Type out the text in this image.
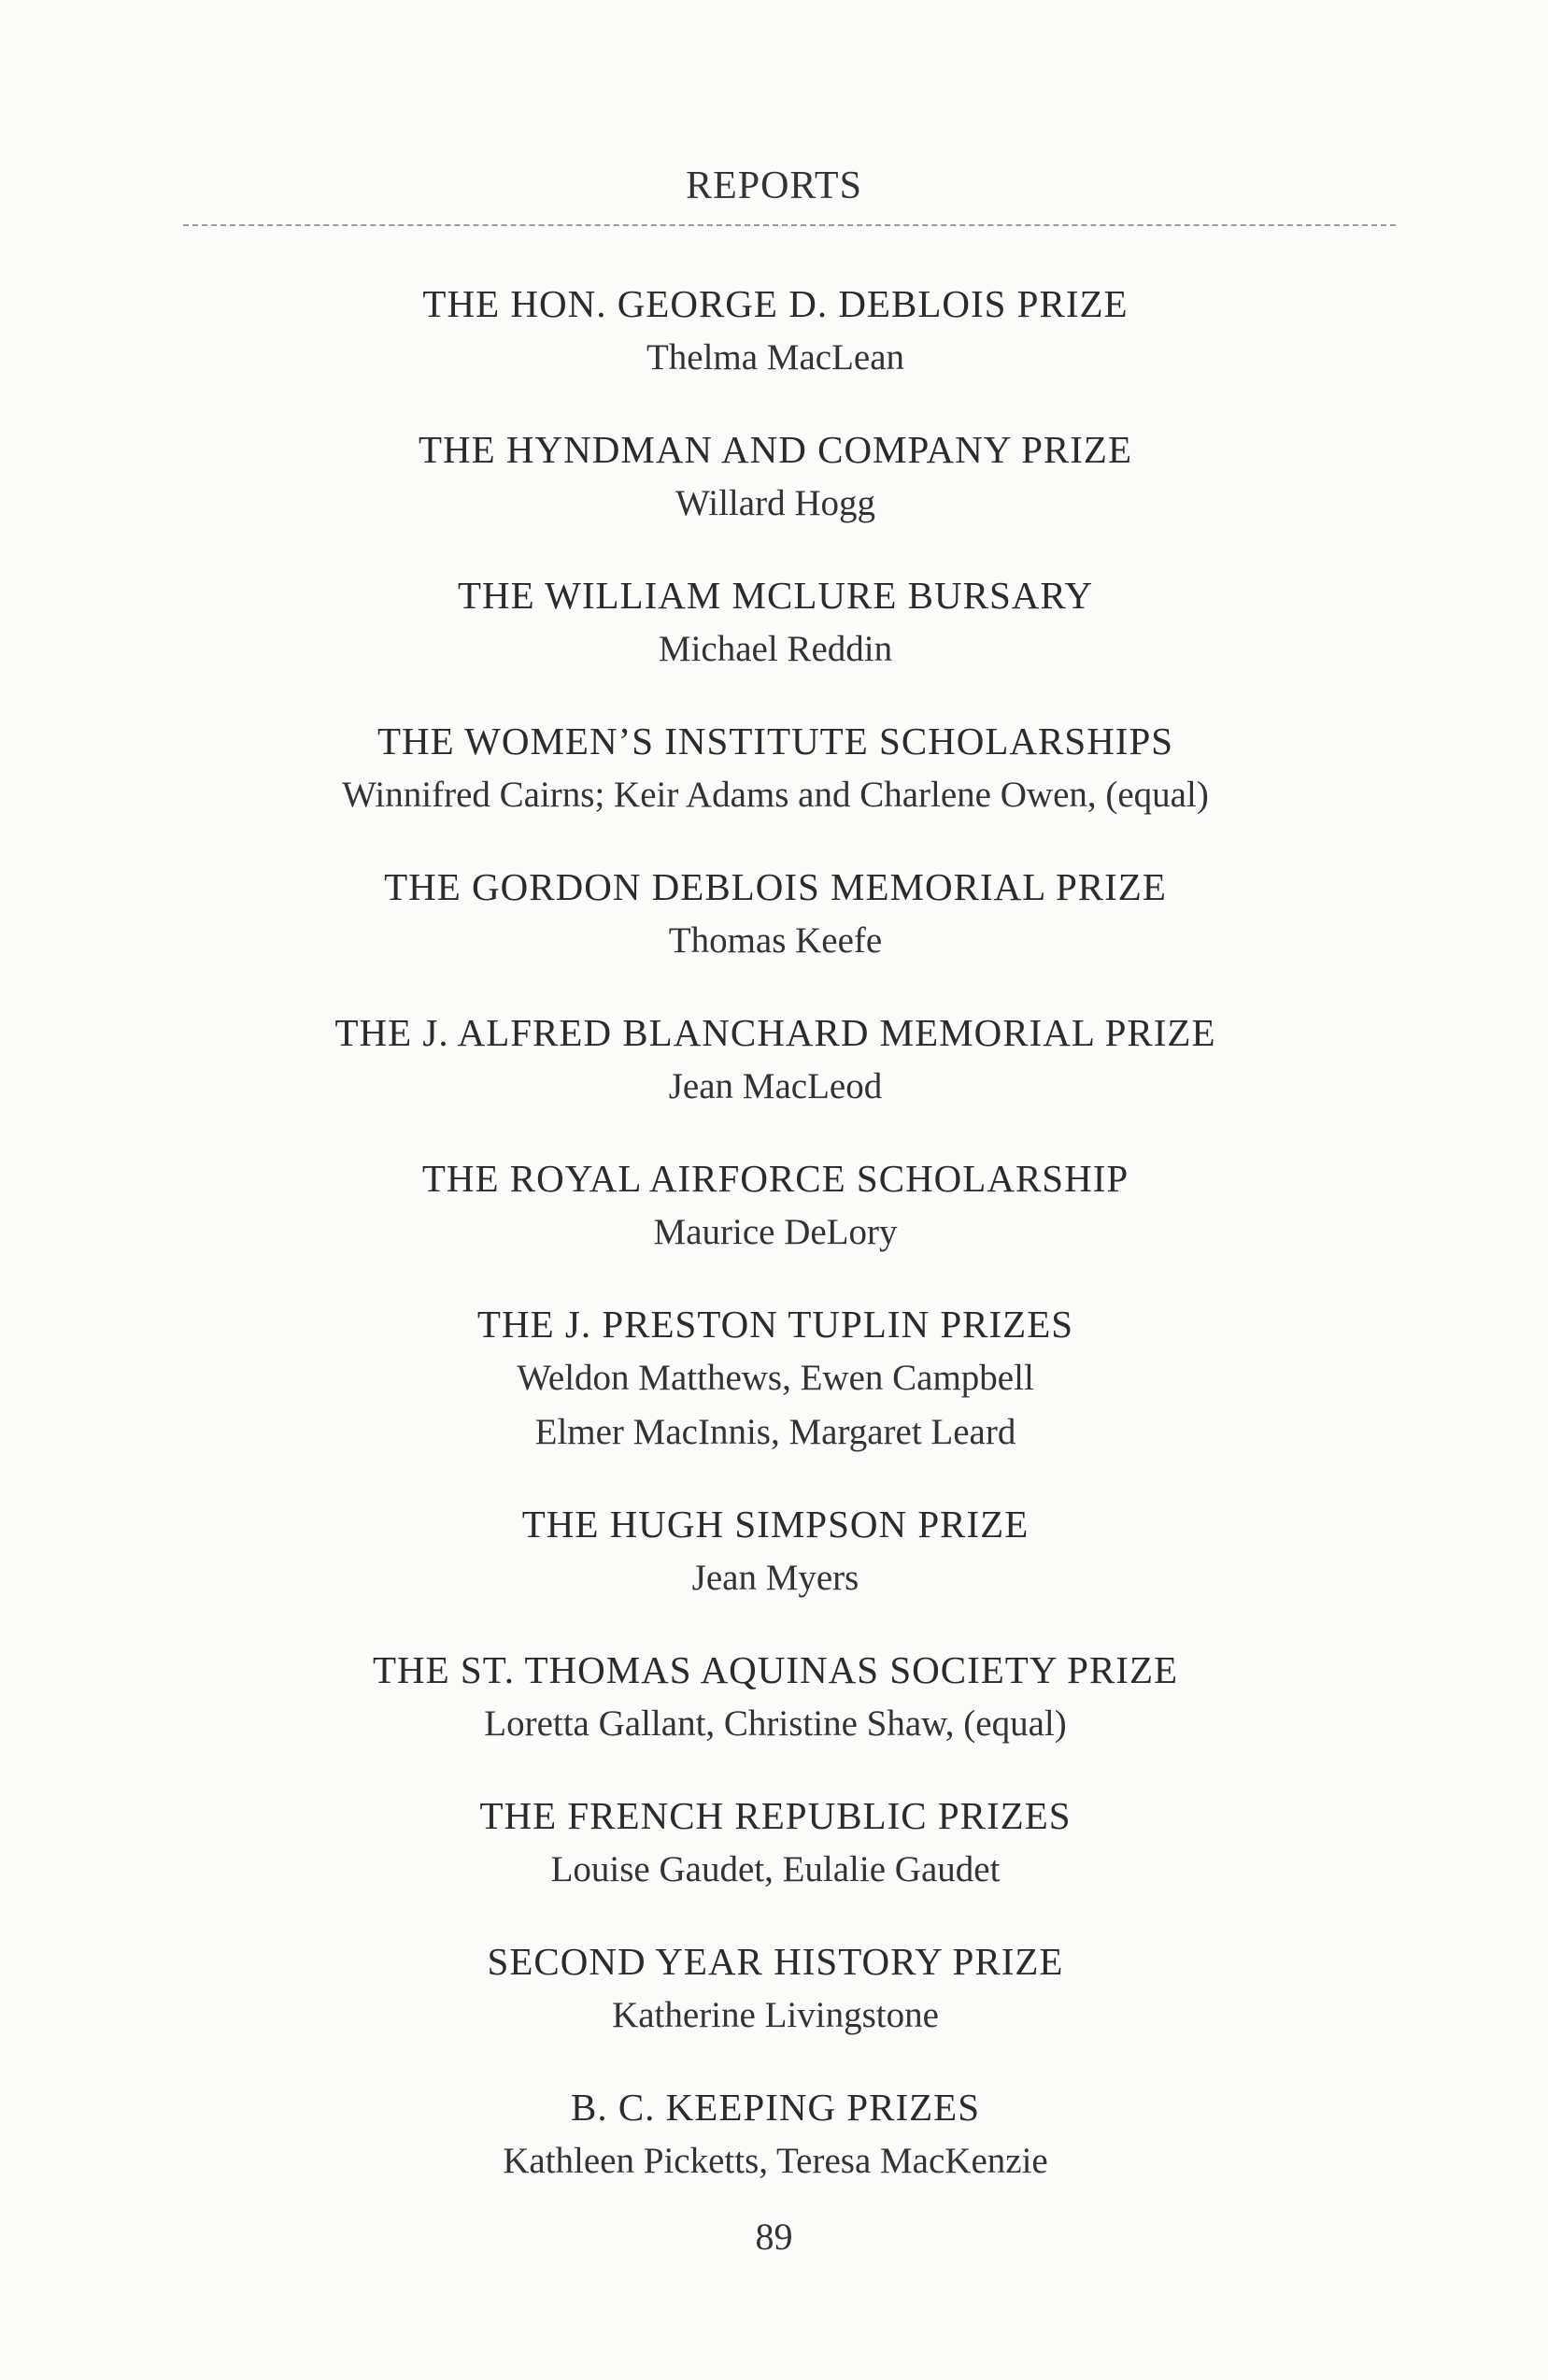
REPORTS
THE HON. GEORGE D. DEBLOIS PRIZE
Thelma MacLean
THE HYNDMAN AND COMPANY PRIZE
Willard Hogg
THE WILLIAM MCLURE BURSARY
Michael Reddin
THE WOMEN’S INSTITUTE SCHOLARSHIPS
Winnifred Cairns; Keir Adams and Charlene Owen, (equal)
THE GORDON DEBLOIS MEMORIAL PRIZE
Thomas Keefe
THE J. ALFRED BLANCHARD MEMORIAL PRIZE
Jean MacLeod
THE ROYAL AIRFORCE SCHOLARSHIP
Maurice DeLory
THE J. PRESTON TUPLIN PRIZES
Weldon Matthews, Ewen Campbell
Elmer MacInnis, Margaret Leard
THE HUGH SIMPSON PRIZE
Jean Myers
THE ST. THOMAS AQUINAS SOCIETY PRIZE
Loretta Gallant, Christine Shaw, (equal)
THE FRENCH REPUBLIC PRIZES
Louise Gaudet, Eulalie Gaudet
SECOND YEAR HISTORY PRIZE
Katherine Livingstone
B. C. KEEPING PRIZES
Kathleen Picketts, Teresa MacKenzie
89
